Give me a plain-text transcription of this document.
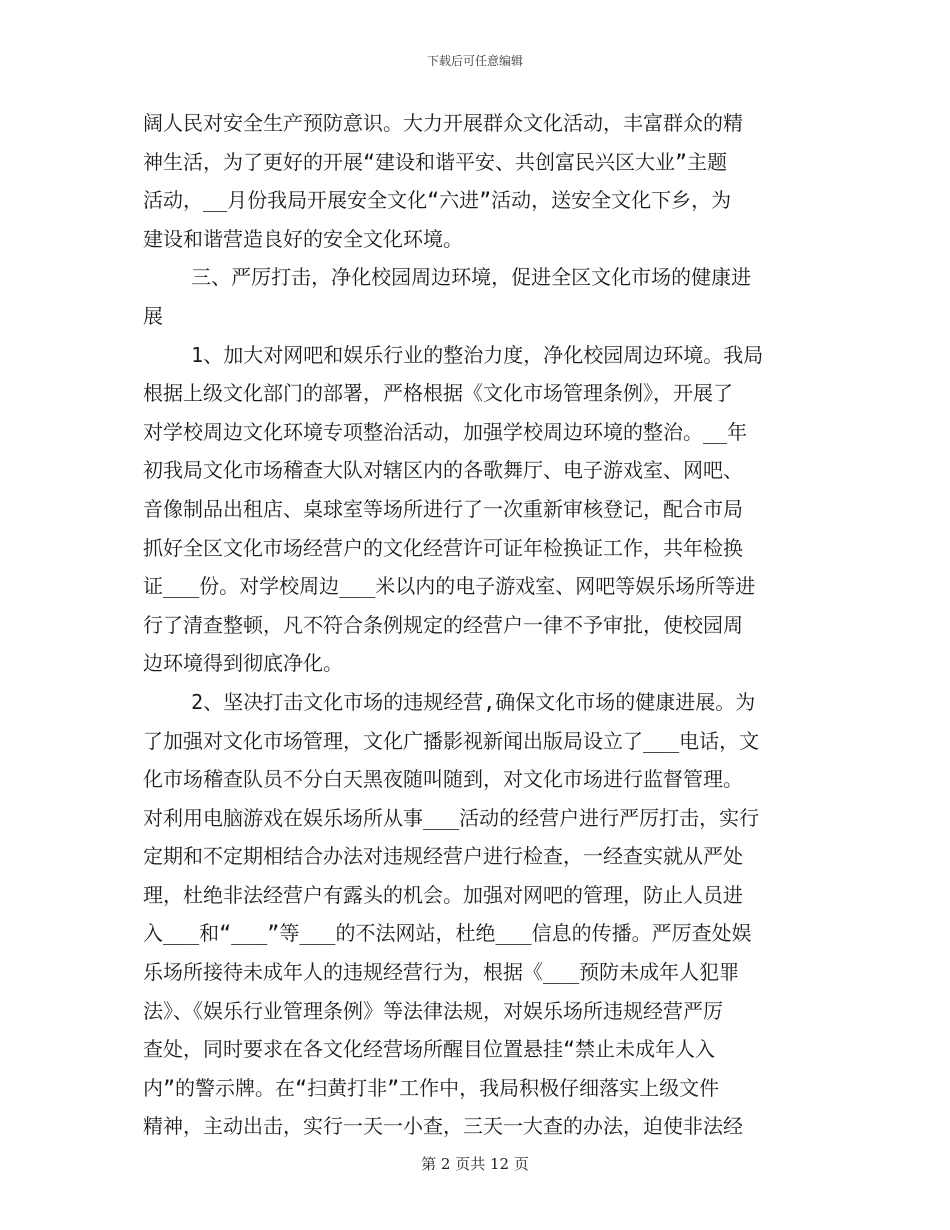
下载后可任意编辑
阔人民对安全生产预防意识。大力开展群众文化活动，丰富群众的精
神生活，为了更好的开展“建设和谐平安、共创富民兴区大业”主题
活动，__月份我局开展安全文化“六进”活动，送安全文化下乡，为
建设和谐营造良好的安全文化环境。
三、严厉打击，净化校园周边环境，促进全区文化市场的健康进
展
1、加大对网吧和娱乐行业的整治力度，净化校园周边环境。我局
根据上级文化部门的部署，严格根据《文化市场管理条例》，开展了
对学校周边文化环境专项整治活动，加强学校周边环境的整治。__年
初我局文化市场稽查大队对辖区内的各歌舞厅、电子游戏室、网吧、
音像制品出租店、桌球室等场所进行了一次重新审核登记，配合市局
抓好全区文化市场经营户的文化经营许可证年检换证工作，共年检换
证___份。对学校周边___米以内的电子游戏室、网吧等娱乐场所等进
行了清查整顿，凡不符合条例规定的经营户一律不予审批，使校园周
边环境得到彻底净化。
2、坚决打击文化市场的违规经营,确保文化市场的健康进展。为
了加强对文化市场管理，文化广播影视新闻出版局设立了___电话，文
化市场稽查队员不分白天黑夜随叫随到，对文化市场进行监督管理。
对利用电脑游戏在娱乐场所从事___活动的经营户进行严厉打击，实行
定期和不定期相结合办法对违规经营户进行检查，一经查实就从严处
理，杜绝非法经营户有露头的机会。加强对网吧的管理，防止人员进
入___和“___”等___的不法网站，杜绝___信息的传播。严厉查处娱
乐场所接待未成年人的违规经营行为，根据《___预防未成年人犯罪
法》、《娱乐行业管理条例》等法律法规，对娱乐场所违规经营严厉
查处，同时要求在各文化经营场所醒目位置悬挂“禁止未成年人入
内”的警示牌。在“扫黄打非”工作中，我局积极仔细落实上级文件
精神，主动出击，实行一天一小查，三天一大查的办法，迫使非法经
第 2 页共 12 页
